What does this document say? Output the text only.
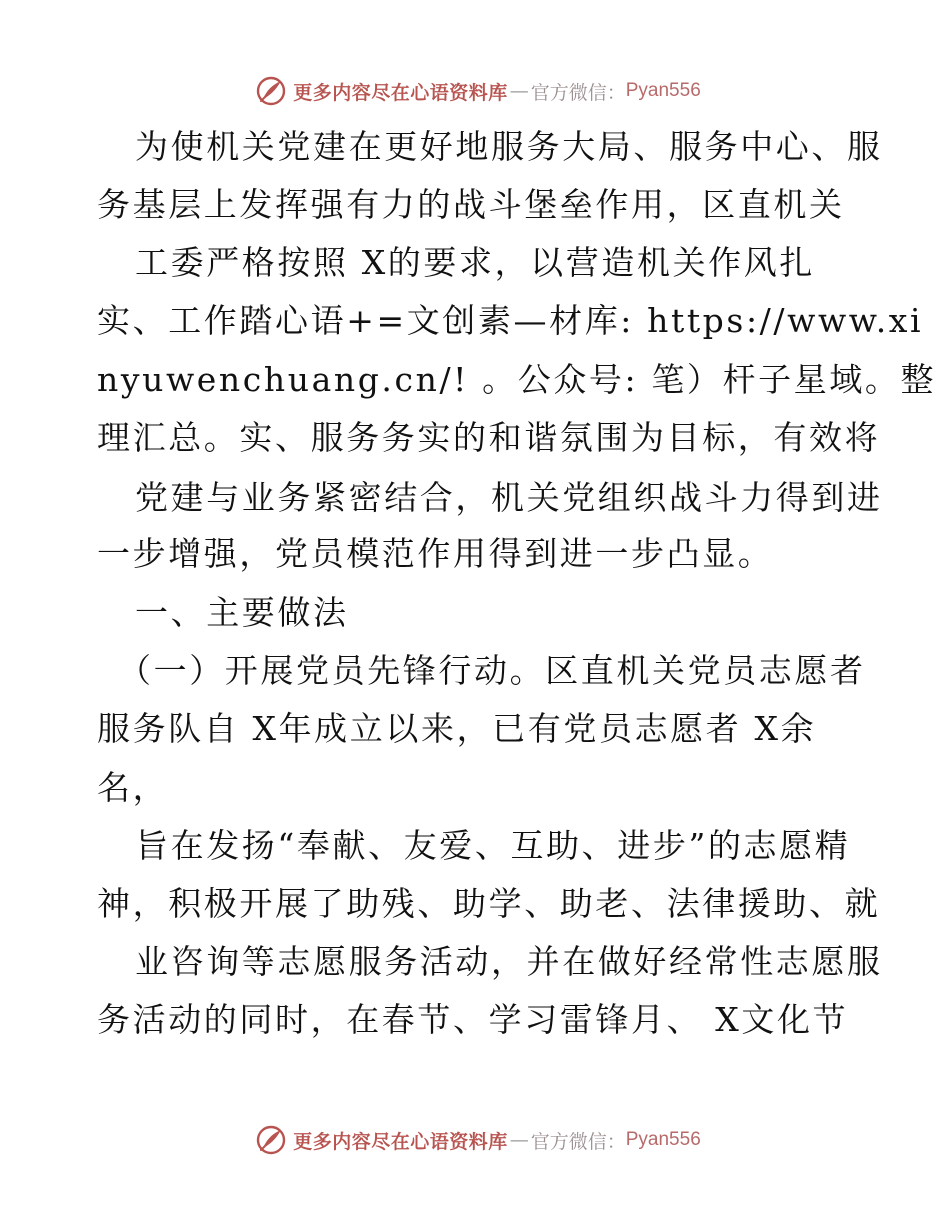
更多内容尽在心语资料库 — 官方微信： Pyan556
为使机关党建在更好地服务大局、服务中心、服
务基层上发挥强有力的战斗堡垒作用，区直机关
工委严格按照 X的要求，以营造机关作风扎
实、工作踏心语+=文创素—材库: https://www.xi
nyuwenchuang.cn/! 。公众号: 笔）杆子星域。整
理汇总。实、服务务实的和谐氛围为目标，有效将
党建与业务紧密结合，机关党组织战斗力得到进
一步增强，党员模范作用得到进一步凸显。
一、主要做法
（一）开展党员先锋行动。区直机关党员志愿者
服务队自 X年成立以来，已有党员志愿者 X余
名，
旨在发扬“奉献、友爱、互助、进步”的志愿精
神，积极开展了助残、助学、助老、法律援助、就
业咨询等志愿服务活动，并在做好经常性志愿服
务活动的同时，在春节、学习雷锋月、 X文化节
更多内容尽在心语资料库 — 官方微信： Pyan556
